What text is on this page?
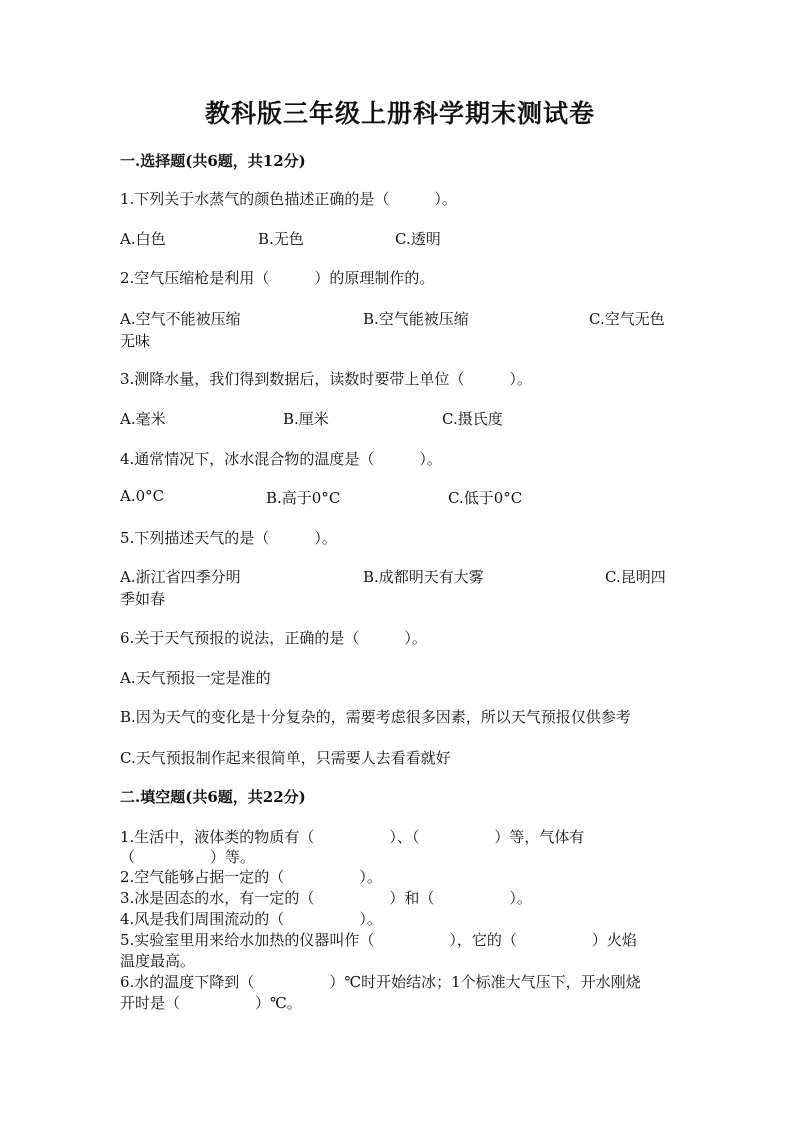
教科版三年级上册科学期末测试卷
一.选择题(共6题，共12分)
1.下列关于水蒸气的颜色描述正确的是（　　　）。
A.白色	B.无色	C.透明
2.空气压缩枪是利用（　　　）的原理制作的。
A.空气不能被压缩	B.空气能被压缩	C.空气无色
无味
3.测降水量，我们得到数据后，读数时要带上单位（　　　）。
A.毫米	B.厘米	C.摄氏度
4.通常情况下，冰水混合物的温度是（　　　）。
A.0°C	B.高于0°C	C.低于0°C
5.下列描述天气的是（　　　）。
A.浙江省四季分明	B.成都明天有大雾	C.昆明四
季如春
6.关于天气预报的说法，正确的是（　　　）。
A.天气预报一定是准的
B.因为天气的变化是十分复杂的，需要考虑很多因素，所以天气预报仅供参考
C.天气预报制作起来很简单，只需要人去看看就好
二.填空题(共6题，共22分)
1.生活中，液体类的物质有（　　　　　）、（　　　　　）等，气体有
（　　　　　）等。
2.空气能够占据一定的（　　　　　）。
3.冰是固态的水，有一定的（　　　　　）和（　　　　　）。
4.风是我们周围流动的（　　　　　）。
5.实验室里用来给水加热的仪器叫作（　　　　　），它的（　　　　　）火焰
温度最高。
6.水的温度下降到（　　　　　）℃时开始结冰；1个标准大气压下，开水刚烧
开时是（　　　　　）℃。
